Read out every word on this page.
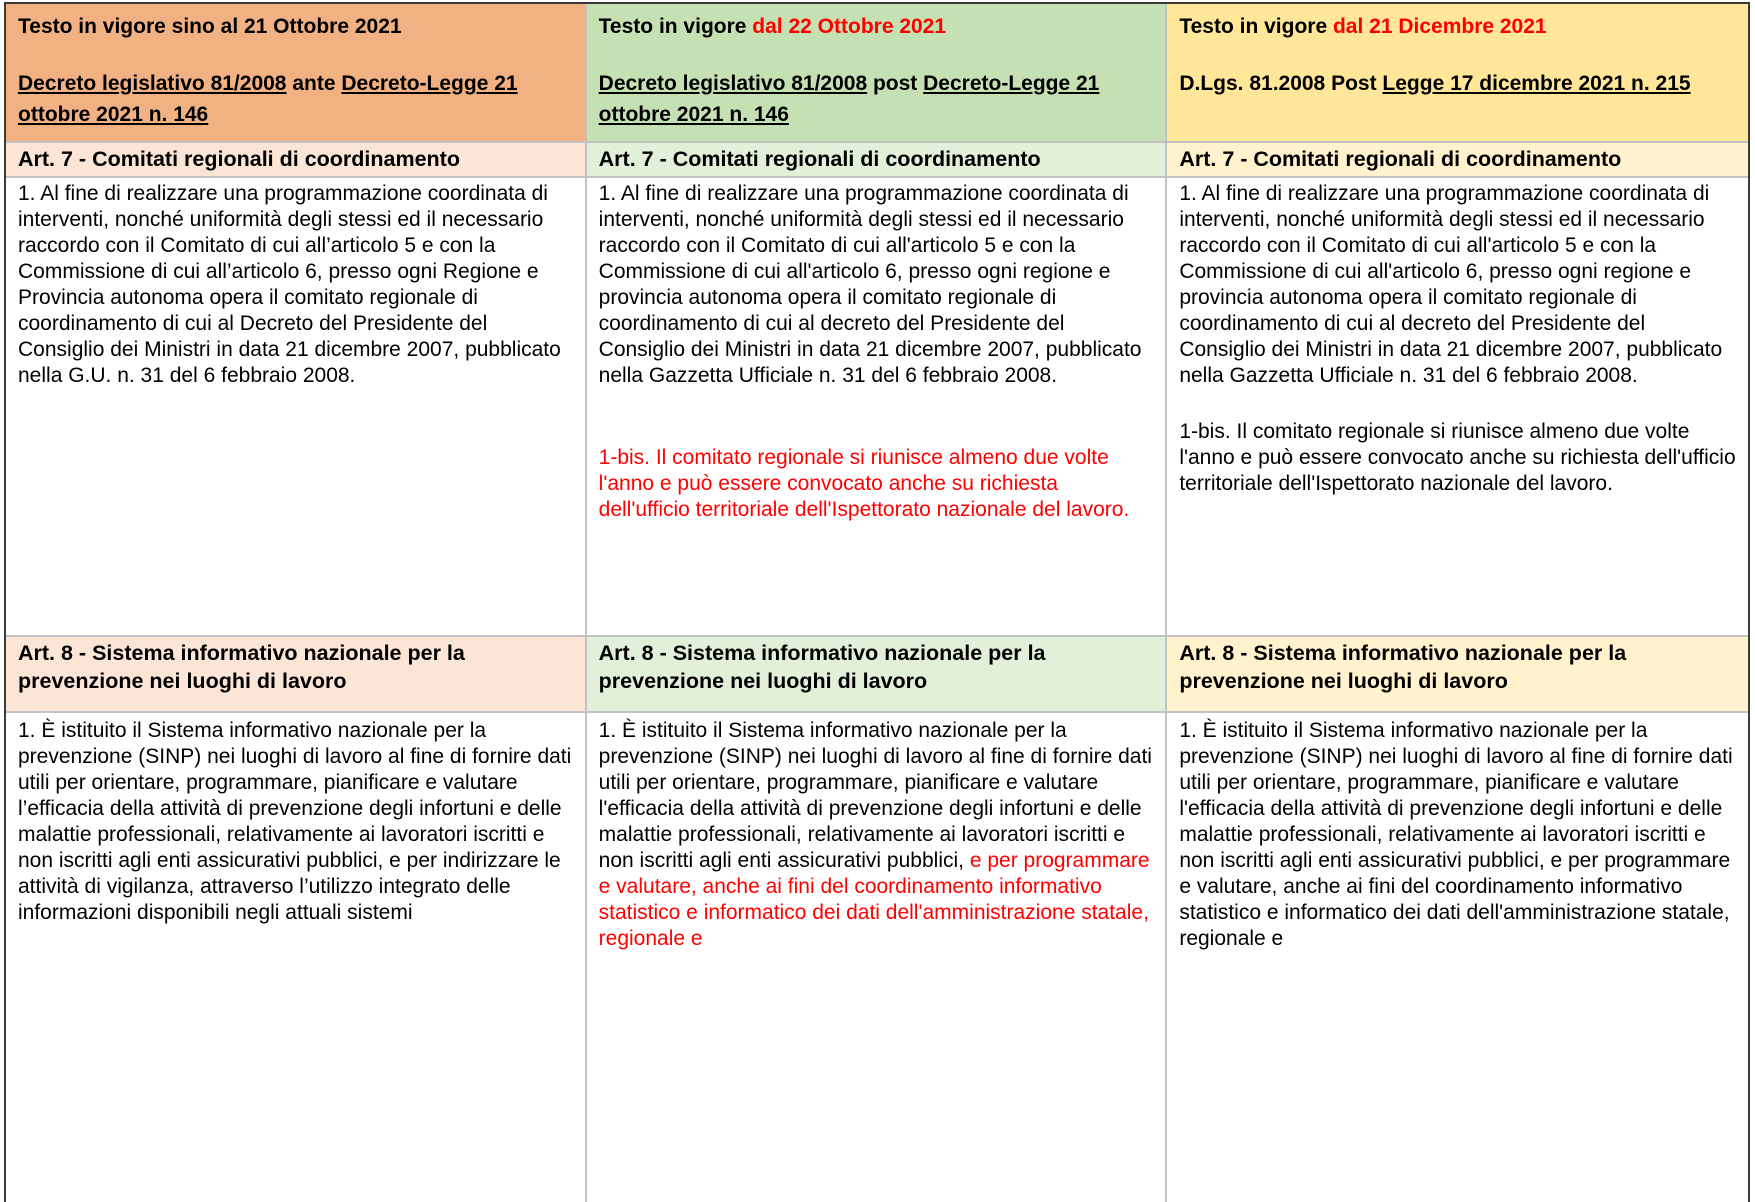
Testo in vigore sino al 21 Ottobre 2021

Decreto legislativo 81/2008 ante Decreto-Legge 21 ottobre 2021 n. 146

Testo in vigore dal 22 Ottobre 2021

Decreto legislativo 81/2008 post Decreto-Legge 21 ottobre 2021 n. 146

Testo in vigore dal 21 Dicembre 2021

D.Lgs. 81.2008 Post Legge 17 dicembre 2021 n. 215

Art. 7 - Comitati regionali di coordinamento	Art. 7 - Comitati regionali di coordinamento	Art. 7 - Comitati regionali di coordinamento

1. Al fine di realizzare una programmazione coordinata di interventi, nonché uniformità degli stessi ed il necessario raccordo con il Comitato di cui all’articolo 5 e con la Commissione di cui all’articolo 6, presso ogni Regione e Provincia autonoma opera il comitato regionale di coordinamento di cui al Decreto del Presidente del Consiglio dei Ministri in data 21 dicembre 2007, pubblicato nella G.U. n. 31 del 6 febbraio 2008.

1. Al fine di realizzare una programmazione coordinata di interventi, nonché uniformità degli stessi ed il necessario raccordo con il Comitato di cui all'articolo 5 e con la Commissione di cui all'articolo 6, presso ogni regione e provincia autonoma opera il comitato regionale di coordinamento di cui al decreto del Presidente del Consiglio dei Ministri in data 21 dicembre 2007, pubblicato nella Gazzetta Ufficiale n. 31 del 6 febbraio 2008.

1-bis. Il comitato regionale si riunisce almeno due volte l'anno e può essere convocato anche su richiesta dell'ufficio territoriale dell'Ispettorato nazionale del lavoro.

1. Al fine di realizzare una programmazione coordinata di interventi, nonché uniformità degli stessi ed il necessario raccordo con il Comitato di cui all'articolo 5 e con la Commissione di cui all'articolo 6, presso ogni regione e provincia autonoma opera il comitato regionale di coordinamento di cui al decreto del Presidente del Consiglio dei Ministri in data 21 dicembre 2007, pubblicato nella Gazzetta Ufficiale n. 31 del 6 febbraio 2008.

1-bis. Il comitato regionale si riunisce almeno due volte l'anno e può essere convocato anche su richiesta dell'ufficio territoriale dell'Ispettorato nazionale del lavoro.

Art. 8 - Sistema informativo nazionale per la prevenzione nei luoghi di lavoro
Art. 8 - Sistema informativo nazionale per la prevenzione nei luoghi di lavoro
Art. 8 - Sistema informativo nazionale per la prevenzione nei luoghi di lavoro

1. È istituito il Sistema informativo nazionale per la prevenzione (SINP) nei luoghi di lavoro al fine di fornire dati utili per orientare, programmare, pianificare e valutare l’efficacia della attività di prevenzione degli infortuni e delle malattie professionali, relativamente ai lavoratori iscritti e non iscritti agli enti assicurativi pubblici, e per indirizzare le attività di vigilanza, attraverso l’utilizzo integrato delle informazioni disponibili negli attuali sistemi

1. È istituito il Sistema informativo nazionale per la prevenzione (SINP) nei luoghi di lavoro al fine di fornire dati utili per orientare, programmare, pianificare e valutare l'efficacia della attività di prevenzione degli infortuni e delle malattie professionali, relativamente ai lavoratori iscritti e non iscritti agli enti assicurativi pubblici, e per programmare e valutare, anche ai fini del coordinamento informativo statistico e informatico dei dati dell'amministrazione statale, regionale e

1. È istituito il Sistema informativo nazionale per la prevenzione (SINP) nei luoghi di lavoro al fine di fornire dati utili per orientare, programmare, pianificare e valutare l'efficacia della attività di prevenzione degli infortuni e delle malattie professionali, relativamente ai lavoratori iscritti e non iscritti agli enti assicurativi pubblici, e per programmare e valutare, anche ai fini del coordinamento informativo statistico e informatico dei dati dell'amministrazione statale, regionale e
